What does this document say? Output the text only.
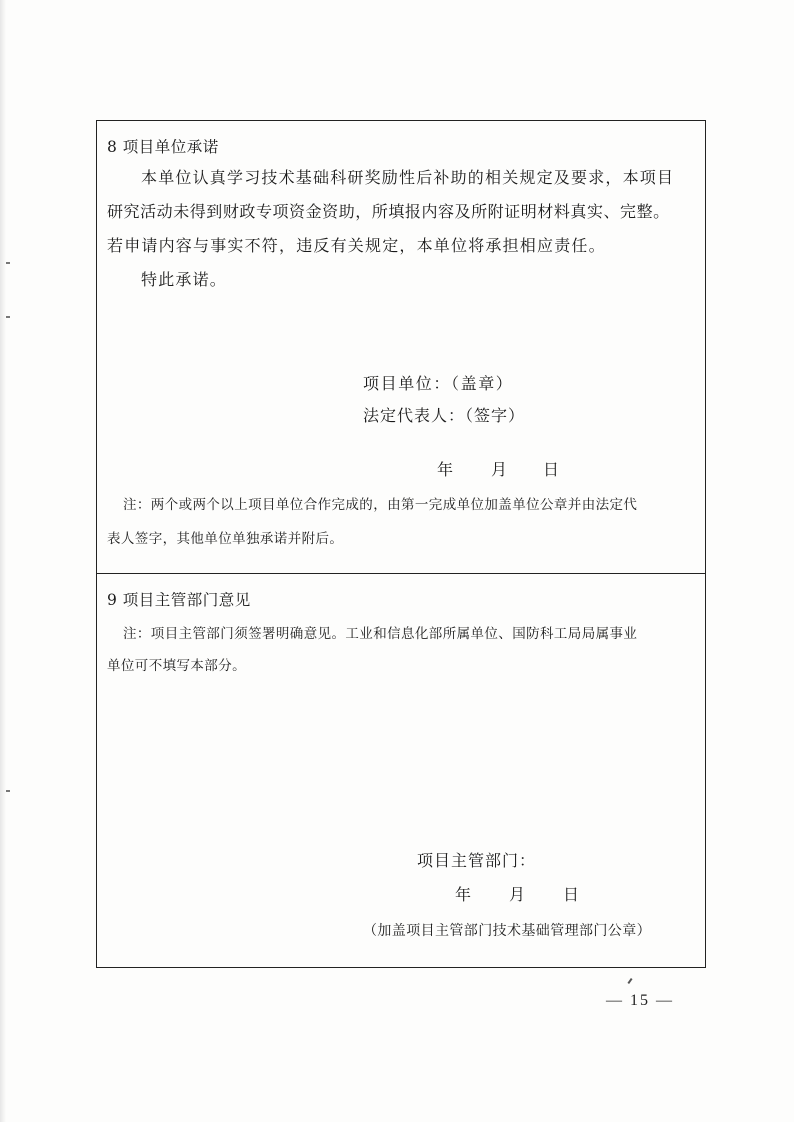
8 项目单位承诺
本单位认真学习技术基础科研奖励性后补助的相关规定及要求，本项目
研究活动未得到财政专项资金资助，所填报内容及所附证明材料真实、完整。
若申请内容与事实不符，违反有关规定，本单位将承担相应责任。
特此承诺。
项目单位：（盖章）
法定代表人：（签字）
年 月 日
注：两个或两个以上项目单位合作完成的，由第一完成单位加盖单位公章并由法定代
表人签字，其他单位单独承诺并附后。
9 项目主管部门意见
注：项目主管部门须签署明确意见。工业和信息化部所属单位、国防科工局局属事业
单位可不填写本部分。
项目主管部门：
年 月 日
（加盖项目主管部门技术基础管理部门公章）
— 15 —
